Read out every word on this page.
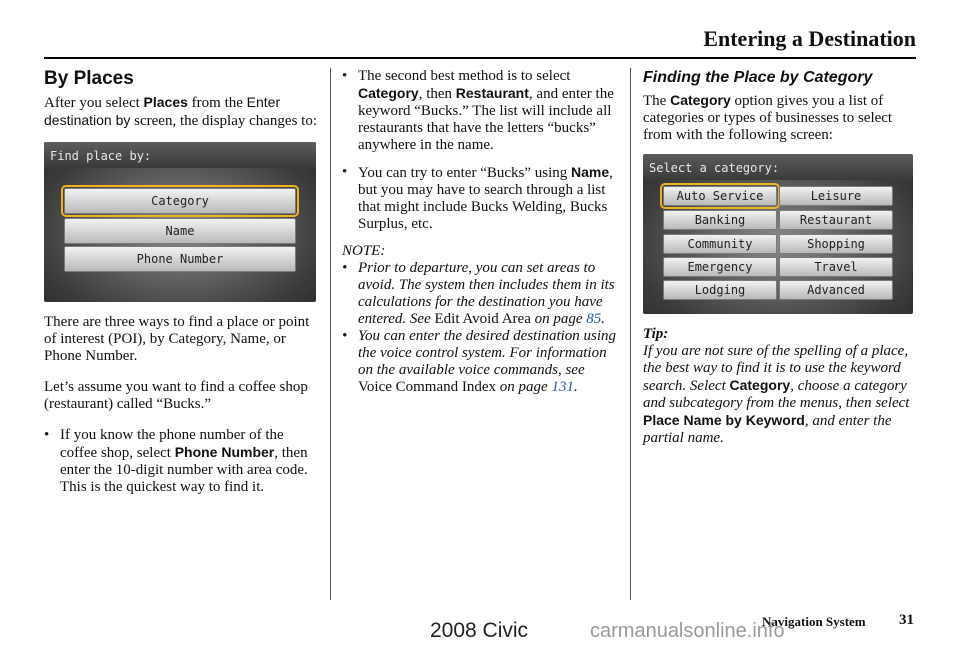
Entering a Destination
By Places

After you select Places from the Enter destination by screen, the display changes to:

Find place by:
Category
Name
Phone Number

There are three ways to find a place or point of interest (POI), by Category, Name, or Phone Number.

Let’s assume you want to find a coffee shop (restaurant) called “Bucks.”

• If you know the phone number of the coffee shop, select Phone Number, then enter the 10-digit number with area code. This is the quickest way to find it.
• The second best method is to select Category, then Restaurant, and enter the keyword “Bucks.” The list will include all restaurants that have the letters “bucks” anywhere in the name.
• You can try to enter “Bucks” using Name, but you may have to search through a list that might include Bucks Welding, Bucks Surplus, etc.
NOTE:
• Prior to departure, you can set areas to avoid. The system then includes them in its calculations for the destination you have entered. See Edit Avoid Area on page 85.
• You can enter the desired destination using the voice control system. For information on the available voice commands, see Voice Command Index on page 131.
Finding the Place by Category

The Category option gives you a list of categories or types of businesses to select from with the following screen:

Select a category:
Auto Service
Banking
Community
Emergency
Lodging
Leisure
Restaurant
Shopping
Travel
Advanced
Tip:

If you are not sure of the spelling of a place, the best way to find it is to use the keyword search. Select Category, choose a category and subcategory from the menus, then select Place Name by Keyword, and enter the partial name.

Navigation System 31
2008 Civic	carmanualsonline.info
